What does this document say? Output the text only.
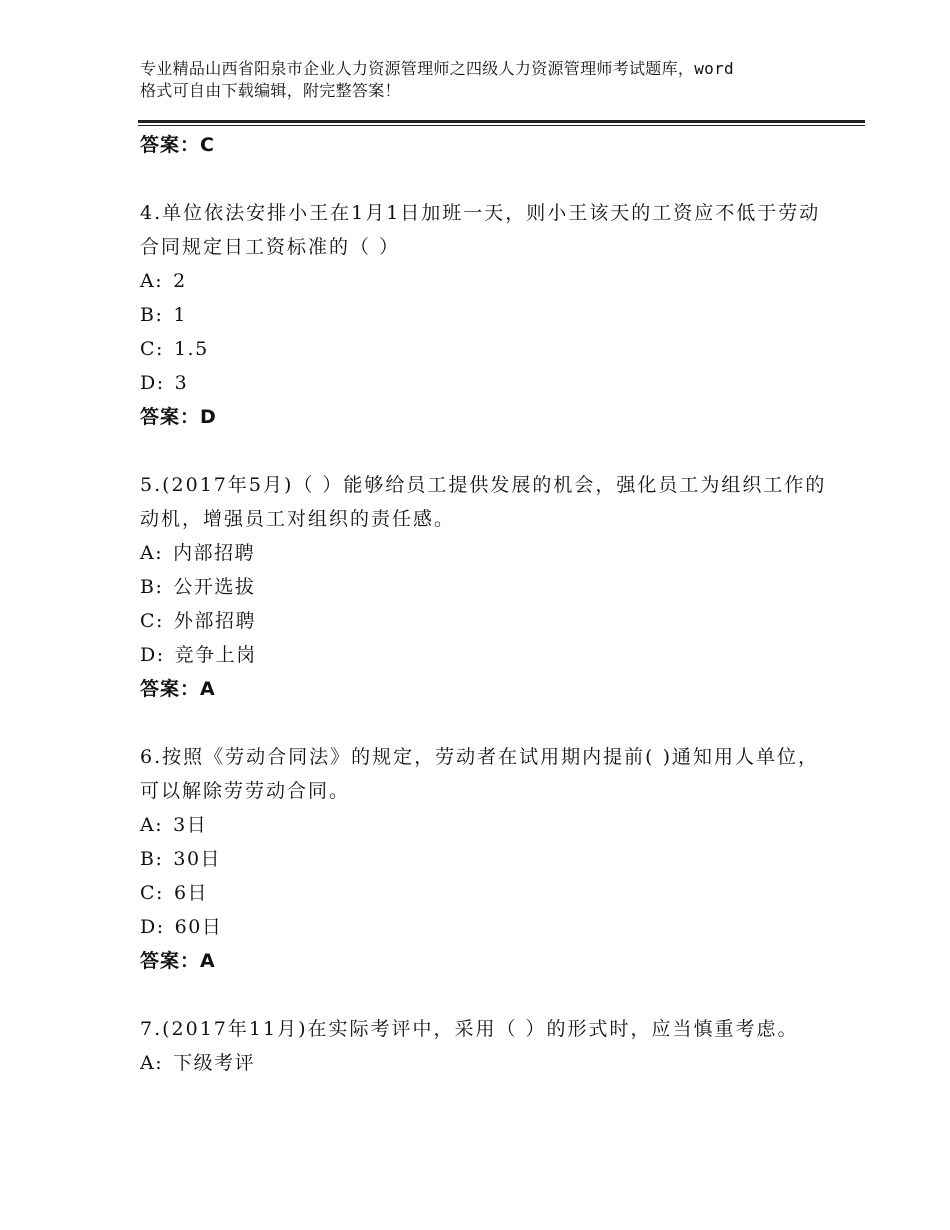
专业精品山西省阳泉市企业人力资源管理师之四级人力资源管理师考试题库，word
格式可自由下载编辑，附完整答案！
答案：C
4.单位依法安排小王在1月1日加班一天，则小王该天的工资应不低于劳动合同规定日工资标准的（ ）
A: 2
B: 1
C: 1.5
D: 3
答案：D
5.(2017年5月)（ ）能够给员工提供发展的机会，强化员工为组织工作的动机，增强员工对组织的责任感。
A: 内部招聘
B: 公开选拔
C: 外部招聘
D: 竞争上岗
答案：A
6.按照《劳动合同法》的规定，劳动者在试用期内提前( )通知用人单位，可以解除劳劳动合同。
A: 3日
B: 30日
C: 6日
D: 60日
答案：A
7.(2017年11月)在实际考评中，采用（ ）的形式时，应当慎重考虑。
A: 下级考评
